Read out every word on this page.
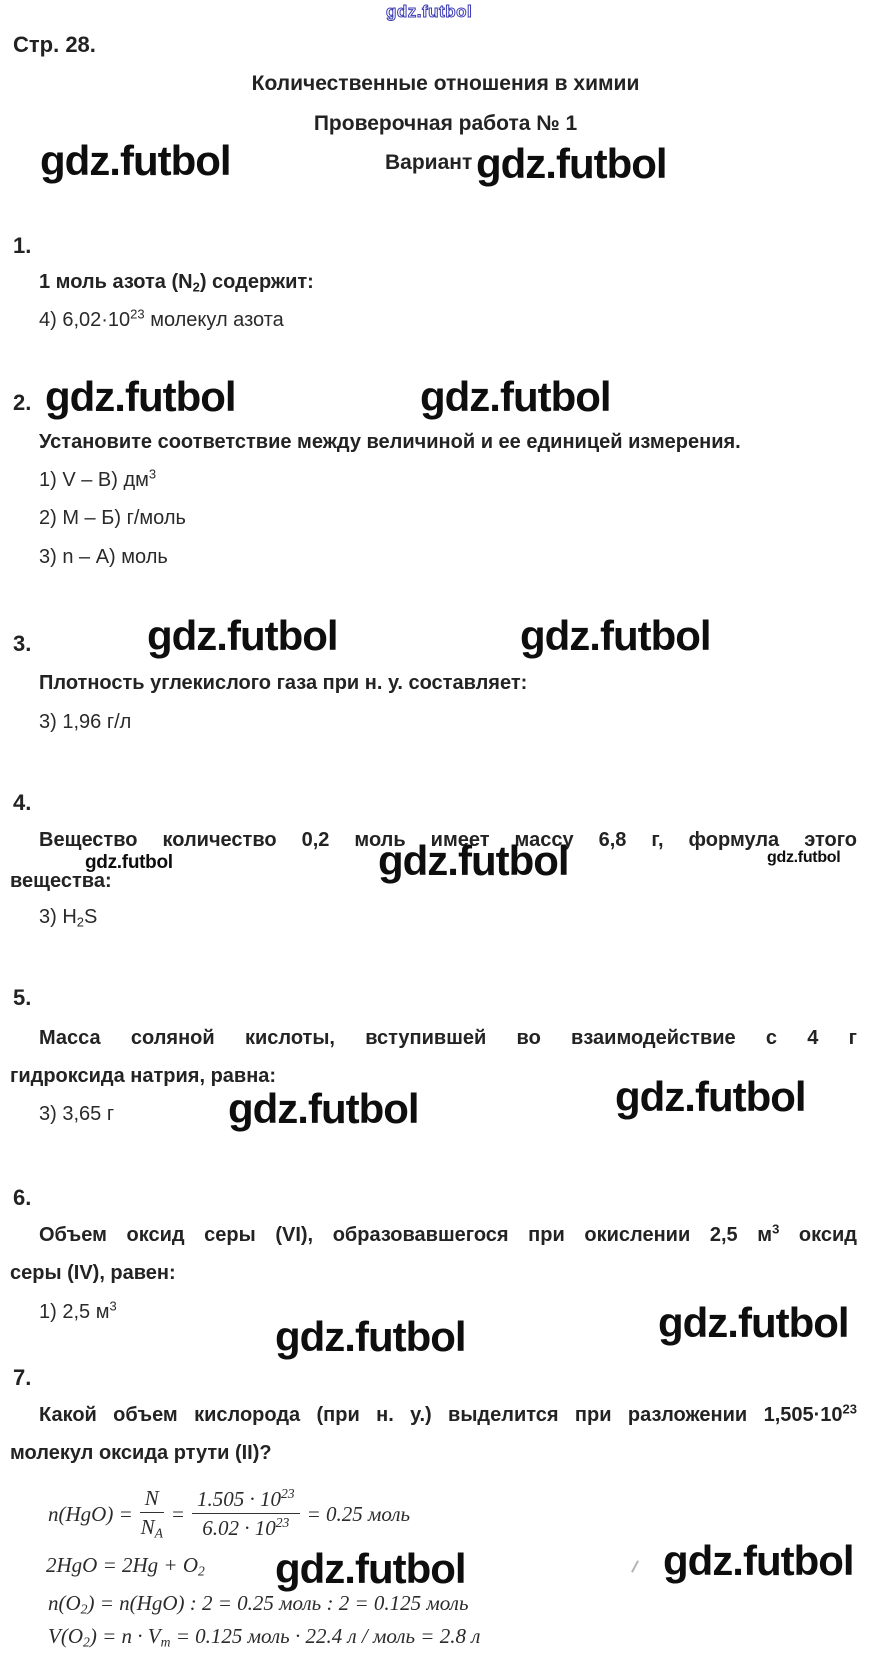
gdz.futbol
Стр. 28.
Количественные отношения в химии
Проверочная работа № 1
gdz.futbol	Вариант gdz.futbol
1.
1 моль азота $(N_2)$ содержит:
4) $6,02\cdot 10^{23}$ молекул азота
2. gdz.futbol	gdz.futbol
Установите соответствие между величиной и ее единицей измерения.
1) V – В) $дм^3$
2) М – Б) г/моль
3) n – А) моль
3.	gdz.futbol	gdz.futbol
Плотность углекислого газа при н. у. составляет:
3) 1,96 г/л
4.
Вещество количество 0,2 моль имеет массу 6,8 г, формула этого
gdz.futbol	gdz.futbol	gdz.futbol
вещества:
3) $H_2S$
5.
Масса соляной кислоты, вступившей во взаимодействие с 4 г
гидроксида натрия, равна:
3) 3,65 г	gdz.futbol	gdz.futbol
6.
Объем оксид серы (VI), образовавшегося при окислении 2,5 $м^3$ оксид
серы (IV), равен:
1) 2,5 $м^3$
gdz.futbol	gdz.futbol
7.
Какой объем кислорода (при н. у.) выделится при разложении $1,505\cdot 10^{23}$
молекул оксида ртути (II)?
$n(HgO) = \frac{N}{N_A} = \frac{1.505 \cdot 10^{23}}{6.02 \cdot 10^{23}} = 0.25$ моль
$2HgO = 2Hg + O_2$
$n(O_2) = n(HgO)$ : 2 = 0.25 моль : 2 = 0.125 моль
$V(O_2) = n \cdot V_m = 0.125$ моль · 22.4 л / моль = 2.8 л
gdz.futbol	gdz.futbol
